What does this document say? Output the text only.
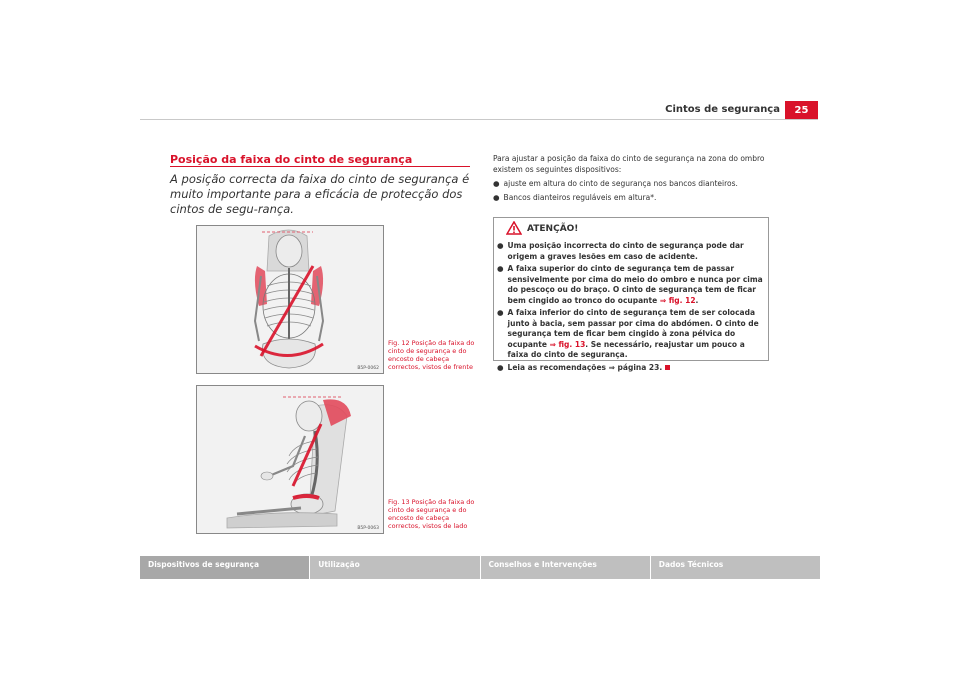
Cintos de segurança	25
Posição da faixa do cinto de segurança
A posição correcta da faixa do cinto de segurança é muito importante para a eficácia de protecção dos cintos de segu-rança.
B5P-0062
Fig. 12 Posição da faixa do cinto de segurança e do encosto de cabeça correctos, vistos de frente
B5P-0063
Fig. 13 Posição da faixa do cinto de segurança e do encosto de cabeça correctos, vistos de lado

Para ajustar a posição da faixa do cinto de segurança na zona do ombro existem os seguintes dispositivos:

● ajuste em altura do cinto de segurança nos bancos dianteiros.
● Bancos dianteiros reguláveis em altura*.
ATENÇÃO!
● Uma posição incorrecta do cinto de segurança pode dar origem a graves lesões em caso de acidente.
● A faixa superior do cinto de segurança tem de passar sensivelmente por cima do meio do ombro e nunca por cima do pescoço ou do braço. O cinto de segurança tem de ficar bem cingido ao tronco do ocupante ⇒ fig. 12.
● A faixa inferior do cinto de segurança tem de ser colocada junto à bacia, sem passar por cima do abdómen. O cinto de segurança tem de ficar bem cingido à zona pélvica do ocupante ⇒ fig. 13. Se necessário, reajustar um pouco a faixa do cinto de segurança.
● Leia as recomendações ⇒ página 23.
Dispositivos de segurança	Utilização	Conselhos e Intervenções	Dados Técnicos
